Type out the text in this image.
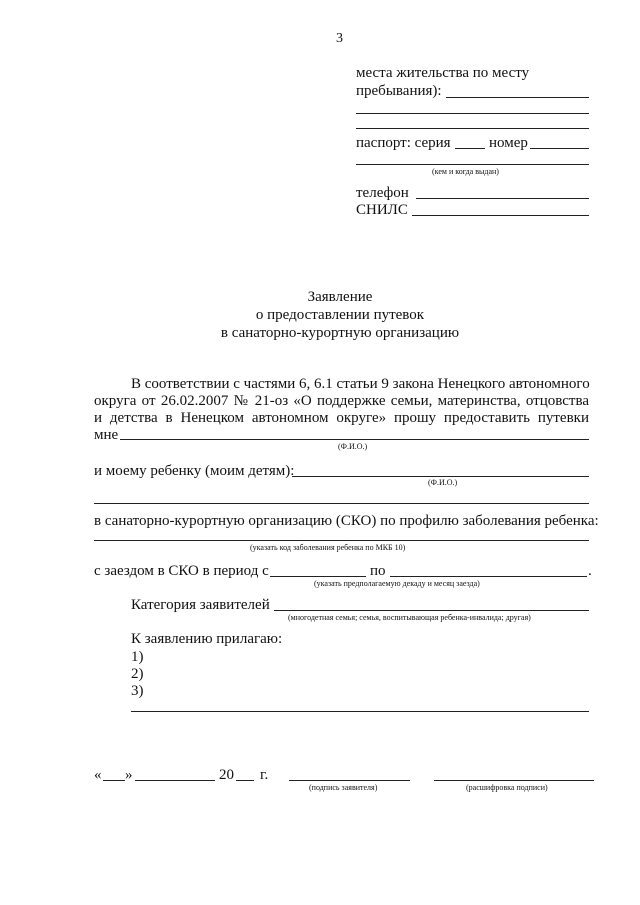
3
места жительства по месту
пребывания):
паспорт: серия	номер
(кем и когда выдан)
телефон
СНИЛС
Заявление
о предоставлении путевок
в санаторно-курортную организацию
В соответствии с частями 6, 6.1 статьи 9 закона Ненецкого автономного
округа от 26.02.2007 № 21-оз «О поддержке семьи, материнства, отцовства
и детства в Ненецком автономном округе» прошу предоставить путевки
мне
(Ф.И.О.)
и моему ребенку (моим детям):
(Ф.И.О.)
в санаторно-курортную организацию (СКО) по профилю заболевания ребенка:
(указать код заболевания ребенка по МКБ 10)
с заездом в СКО в период с	по	.
(указать предполагаемую декаду и месяц заезда)
Категория заявителей
(многодетная семья; семья, воспитывающая ребенка-инвалида; другая)
К заявлению прилагаю:
1)
2)
3)
« »	20 г.
(подпись заявителя)	(расшифровка подписи)
